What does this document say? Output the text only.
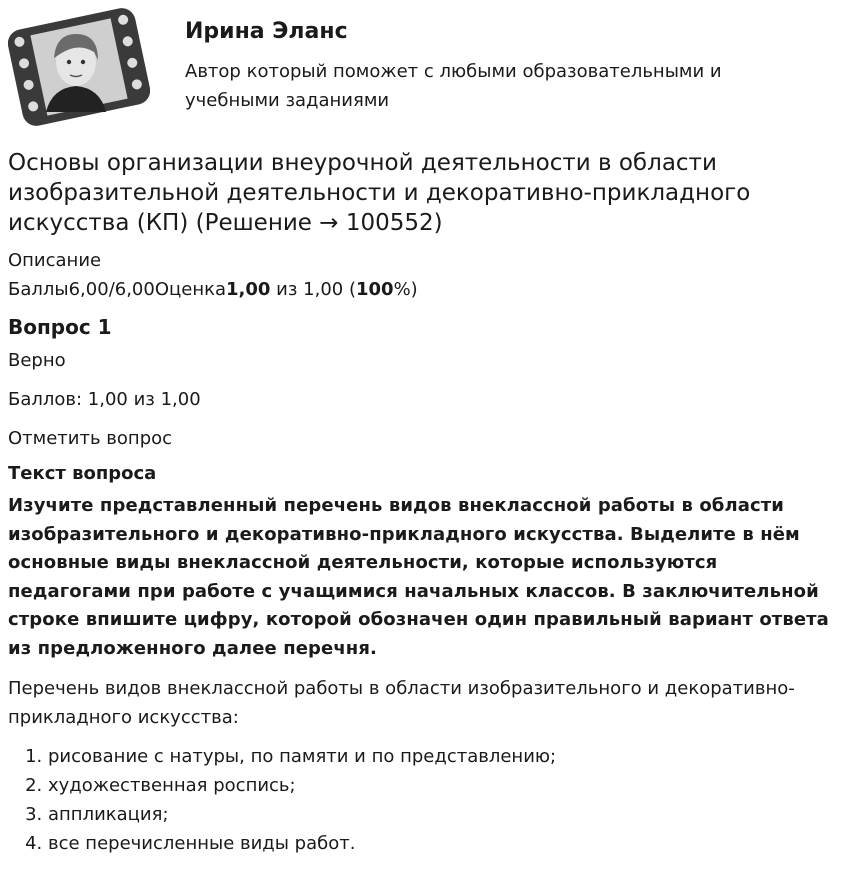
Ирина Эланс
Автор который поможет с любыми образовательными и учебными заданиями
Основы организации внеурочной деятельности в области изобразительной деятельности и декоративно-прикладного искусства (КП) (Решение → 100552)
Описание
Баллы6,00/6,00Оценка1,00 из 1,00 (100%)
Вопрос 1
Верно
Баллов: 1,00 из 1,00
Отметить вопрос
Текст вопроса
Изучите представленный перечень видов внеклассной работы в области изобразительного и декоративно-прикладного искусства. Выделите в нём основные виды внеклассной деятельности, которые используются педагогами при работе с учащимися начальных классов. В заключительной строке впишите цифру, которой обозначен один правильный вариант ответа из предложенного далее перечня.
Перечень видов внеклассной работы в области изобразительного и декоративно-прикладного искусства:
1. рисование с натуры, по памяти и по представлению;
2. художественная роспись;
3. аппликация;
4. все перечисленные виды работ.
